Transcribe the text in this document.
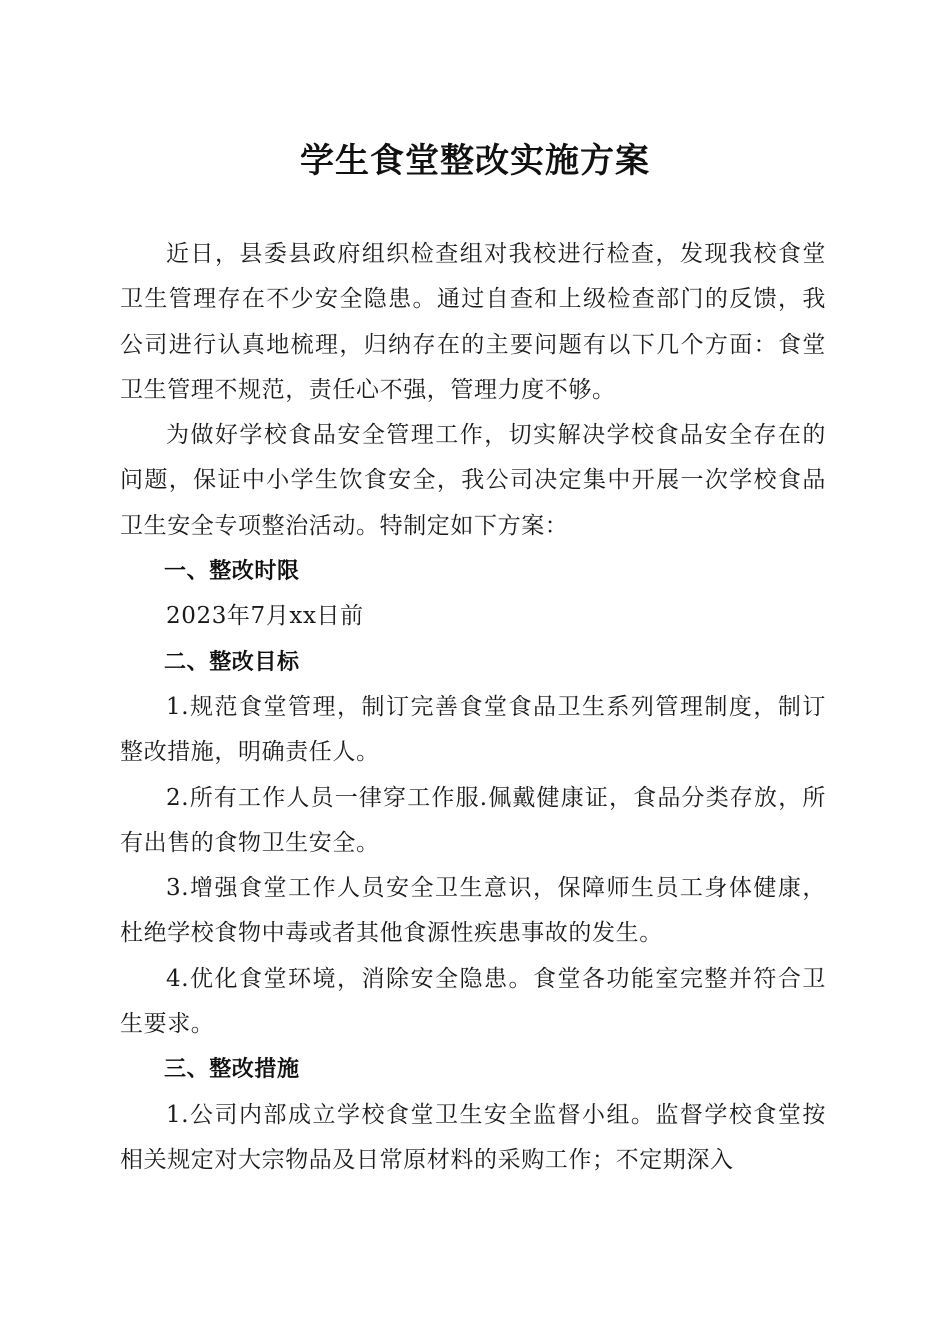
学生食堂整改实施方案

近日，县委县政府组织检查组对我校进行检查，发现我校食堂卫生管理存在不少安全隐患。通过自查和上级检查部门的反馈，我公司进行认真地梳理，归纳存在的主要问题有以下几个方面：食堂卫生管理不规范，责任心不强，管理力度不够。

为做好学校食品安全管理工作，切实解决学校食品安全存在的问题，保证中小学生饮食安全，我公司决定集中开展一次学校食品卫生安全专项整治活动。特制定如下方案：

一、整改时限

2023年7月xx日前

二、整改目标

1.规范食堂管理，制订完善食堂食品卫生系列管理制度，制订整改措施，明确责任人。

2.所有工作人员一律穿工作服.佩戴健康证，食品分类存放，所有出售的食物卫生安全。

3.增强食堂工作人员安全卫生意识，保障师生员工身体健康，杜绝学校食物中毒或者其他食源性疾患事故的发生。

4.优化食堂环境，消除安全隐患。食堂各功能室完整并符合卫生要求。

三、整改措施

1.公司内部成立学校食堂卫生安全监督小组。监督学校食堂按相关规定对大宗物品及日常原材料的采购工作；不定期深入
